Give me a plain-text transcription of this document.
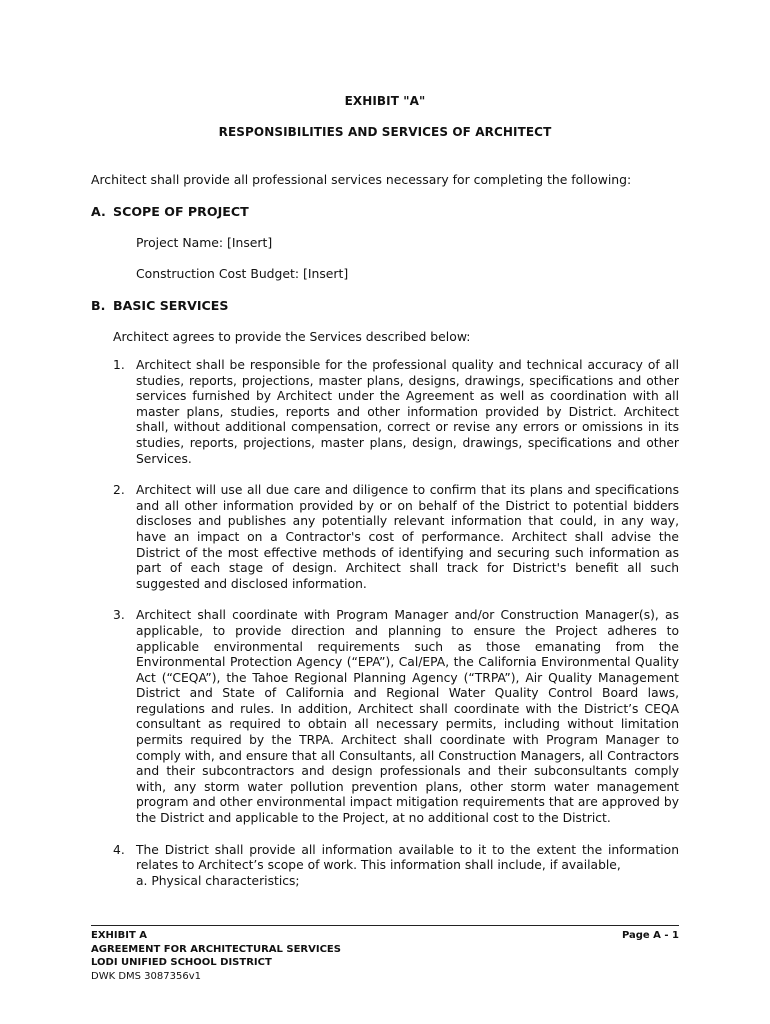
EXHIBIT "A"
RESPONSIBILITIES AND SERVICES OF ARCHITECT
Architect shall provide all professional services necessary for completing the following:
A. SCOPE OF PROJECT
Project Name: [Insert]
Construction Cost Budget: [Insert]
B. BASIC SERVICES
Architect agrees to provide the Services described below:
1. Architect shall be responsible for the professional quality and technical accuracy of all studies, reports, projections, master plans, designs, drawings, specifications and other services furnished by Architect under the Agreement as well as coordination with all master plans, studies, reports and other information provided by District. Architect shall, without additional compensation, correct or revise any errors or omissions in its studies, reports, projections, master plans, design, drawings, specifications and other Services.
2. Architect will use all due care and diligence to confirm that its plans and specifications and all other information provided by or on behalf of the District to potential bidders discloses and publishes any potentially relevant information that could, in any way, have an impact on a Contractor's cost of performance. Architect shall advise the District of the most effective methods of identifying and securing such information as part of each stage of design. Architect shall track for District's benefit all such suggested and disclosed information.
3. Architect shall coordinate with Program Manager and/or Construction Manager(s), as applicable, to provide direction and planning to ensure the Project adheres to applicable environmental requirements such as those emanating from the Environmental Protection Agency (“EPA”), Cal/EPA, the California Environmental Quality Act (“CEQA”), the Tahoe Regional Planning Agency (“TRPA”), Air Quality Management District and State of California and Regional Water Quality Control Board laws, regulations and rules. In addition, Architect shall coordinate with the District’s CEQA consultant as required to obtain all necessary permits, including without limitation permits required by the TRPA. Architect shall coordinate with Program Manager to comply with, and ensure that all Consultants, all Construction Managers, all Contractors and their subcontractors and design professionals and their subconsultants comply with, any storm water pollution prevention plans, other storm water management program and other environmental impact mitigation requirements that are approved by the District and applicable to the Project, at no additional cost to the District.
4. The District shall provide all information available to it to the extent the information relates to Architect’s scope of work. This information shall include, if available,
a. Physical characteristics;
EXHIBIT A
AGREEMENT FOR ARCHITECTURAL SERVICES
LODI UNIFIED SCHOOL DISTRICT
DWK DMS 3087356v1
Page A - 1
